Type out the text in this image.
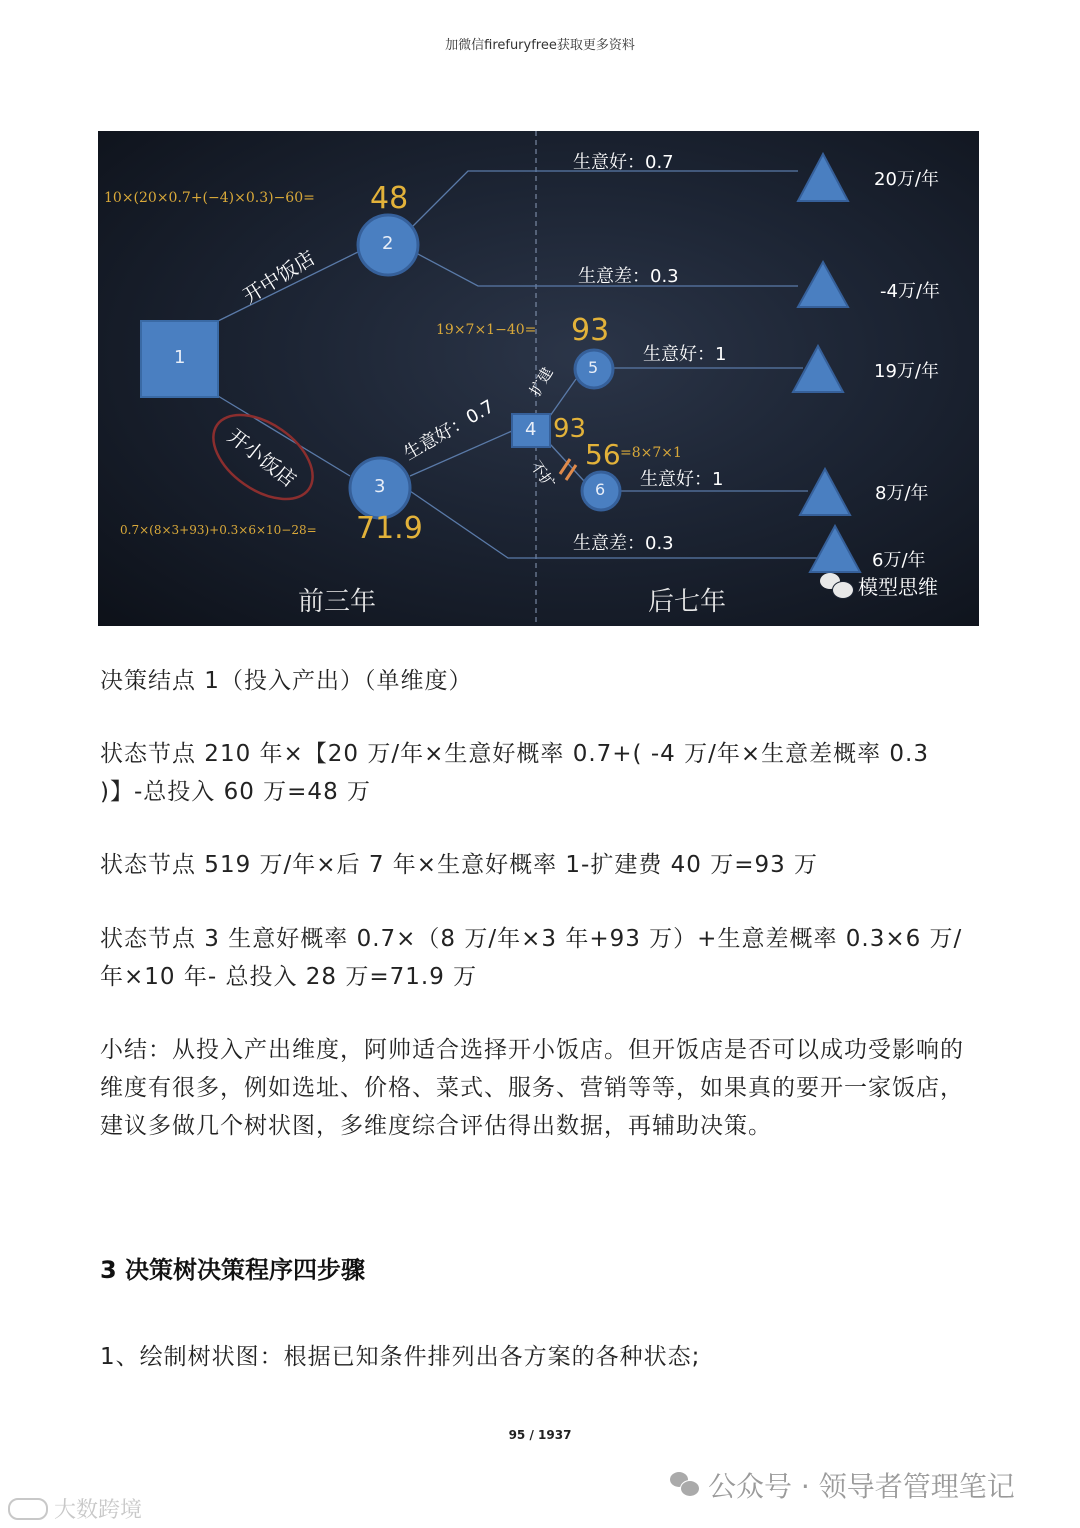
加微信firefuryfree获取更多资料
1
2
3
4
5
6
开中饭店
开小饭店
扩建
不扩
生意好：0.7
生意差：0.3
生意好：0.7
生意好：1
生意好：1
生意差：0.3
20万/年
-4万/年
19万/年
8万/年
6万/年
10×(20×0.7+(−4)×0.3)−60= 48
19×7×1−40= 93
93
56 =8×7×1
0.7×(8×3+93)+0.3×6×10−28= 71.9
前三年	后七年	模型思维
决策结点 1（投入产出）（单维度）
状态节点 210 年×【20 万/年×生意好概率 0.7+( -4 万/年×生意差概率 0.3 )】-总投入 60 万=48 万
状态节点 519 万/年×后 7 年×生意好概率 1-扩建费 40 万=93 万
状态节点 3 生意好概率 0.7×（8 万/年×3 年+93 万）+生意差概率 0.3×6 万/年×10 年- 总投入 28 万=71.9 万
小结：从投入产出维度，阿帅适合选择开小饭店。但开饭店是否可以成功受影响的维度有很多，例如选址、价格、菜式、服务、营销等等，如果真的要开一家饭店，建议多做几个树状图，多维度综合评估得出数据，再辅助决策。
3 决策树决策程序四步骤
1、绘制树状图：根据已知条件排列出各方案的各种状态;
95 / 1937
公众号 · 领导者管理笔记
大数跨境
